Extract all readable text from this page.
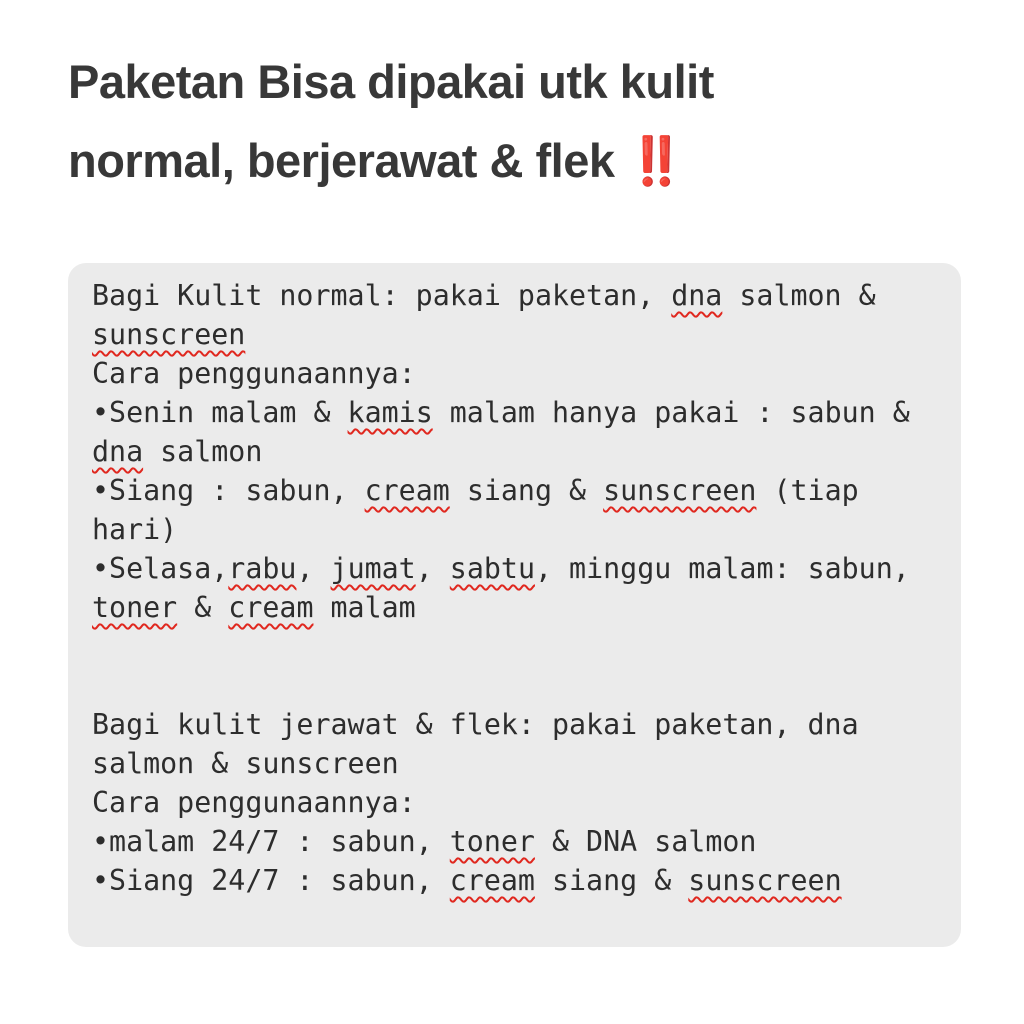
Paketan Bisa dipakai utk kulit
normal, berjerawat & flek ‼️
Bagi Kulit normal: pakai paketan, dna salmon &
sunscreen
Cara penggunaannya:
•Senin malam & kamis malam hanya pakai : sabun &
dna salmon
•Siang : sabun, cream siang & sunscreen (tiap
hari)
•Selasa,rabu, jumat, sabtu, minggu malam: sabun,
toner & cream malam
Bagi kulit jerawat & flek: pakai paketan, dna
salmon & sunscreen
Cara penggunaannya:
•malam 24/7 : sabun, toner & DNA salmon
•Siang 24/7 : sabun, cream siang & sunscreen
